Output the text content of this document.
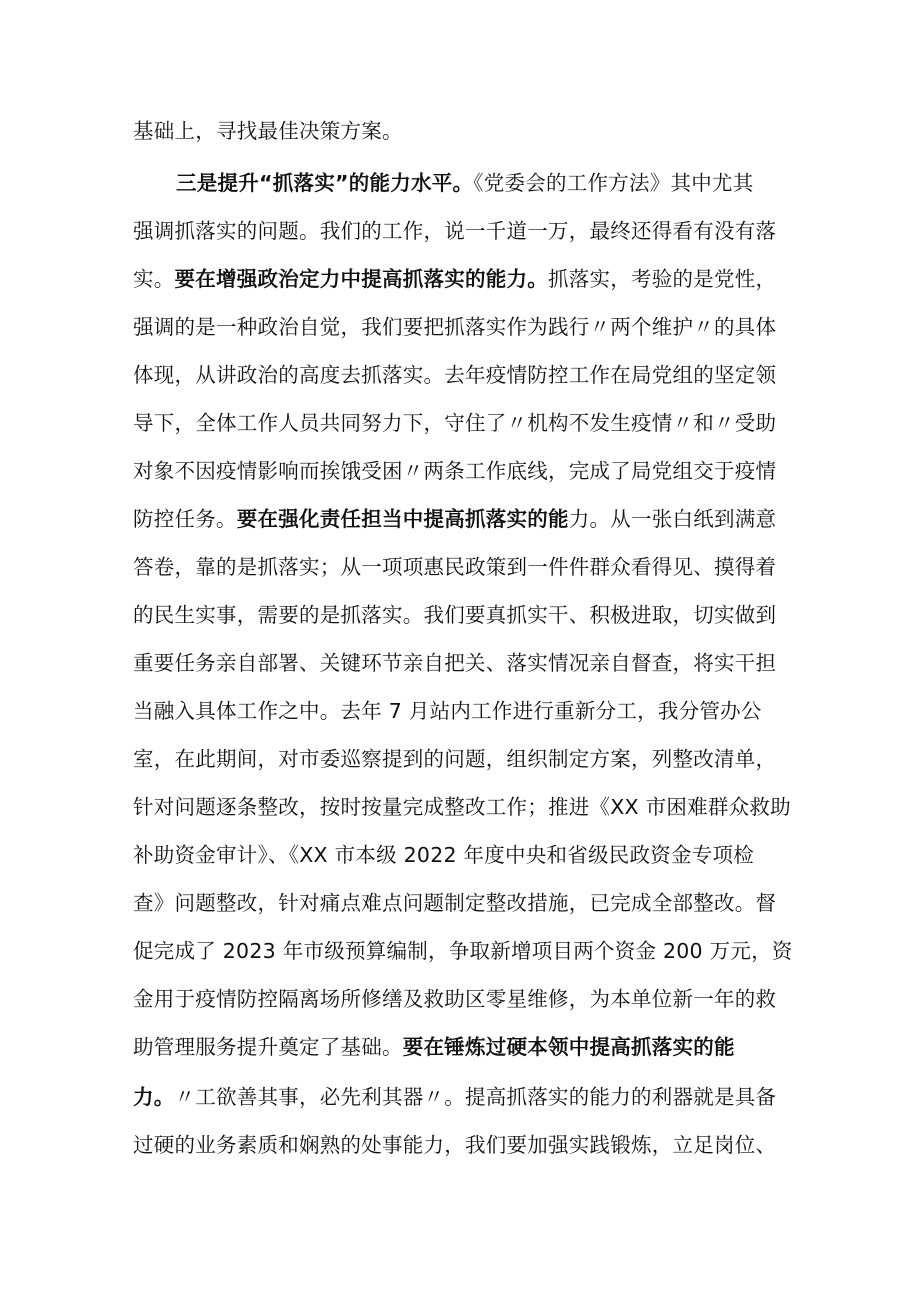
基础上，寻找最佳决策方案。
三是提升“抓落实”的能力水平。《党委会的工作方法》其中尤其
强调抓落实的问题。我们的工作，说一千道一万，最终还得看有没有落
实。要在增强政治定力中提高抓落实的能力。抓落实，考验的是党性，
强调的是一种政治自觉，我们要把抓落实作为践行〃两个维护〃的具体
体现，从讲政治的高度去抓落实。去年疫情防控工作在局党组的坚定领
导下，全体工作人员共同努力下，守住了〃机构不发生疫情〃和〃受助
对象不因疫情影响而挨饿受困〃两条工作底线，完成了局党组交于疫情
防控任务。要在强化责任担当中提高抓落实的能力。从一张白纸到满意
答卷，靠的是抓落实；从一项项惠民政策到一件件群众看得见、摸得着
的民生实事，需要的是抓落实。我们要真抓实干、积极进取，切实做到
重要任务亲自部署、关键环节亲自把关、落实情况亲自督查，将实干担
当融入具体工作之中。去年 7 月站内工作进行重新分工，我分管办公
室，在此期间，对市委巡察提到的问题，组织制定方案，列整改清单，
针对问题逐条整改，按时按量完成整改工作；推进《XX 市困难群众救助
补助资金审计》、《XX 市本级 2022 年度中央和省级民政资金专项检
查》问题整改，针对痛点难点问题制定整改措施，已完成全部整改。督
促完成了 2023 年市级预算编制，争取新增项目两个资金 200 万元，资
金用于疫情防控隔离场所修缮及救助区零星维修，为本单位新一年的救
助管理服务提升奠定了基础。要在锤炼过硬本领中提高抓落实的能
力。〃工欲善其事，必先利其器〃。提高抓落实的能力的利器就是具备
过硬的业务素质和娴熟的处事能力，我们要加强实践锻炼，立足岗位、
